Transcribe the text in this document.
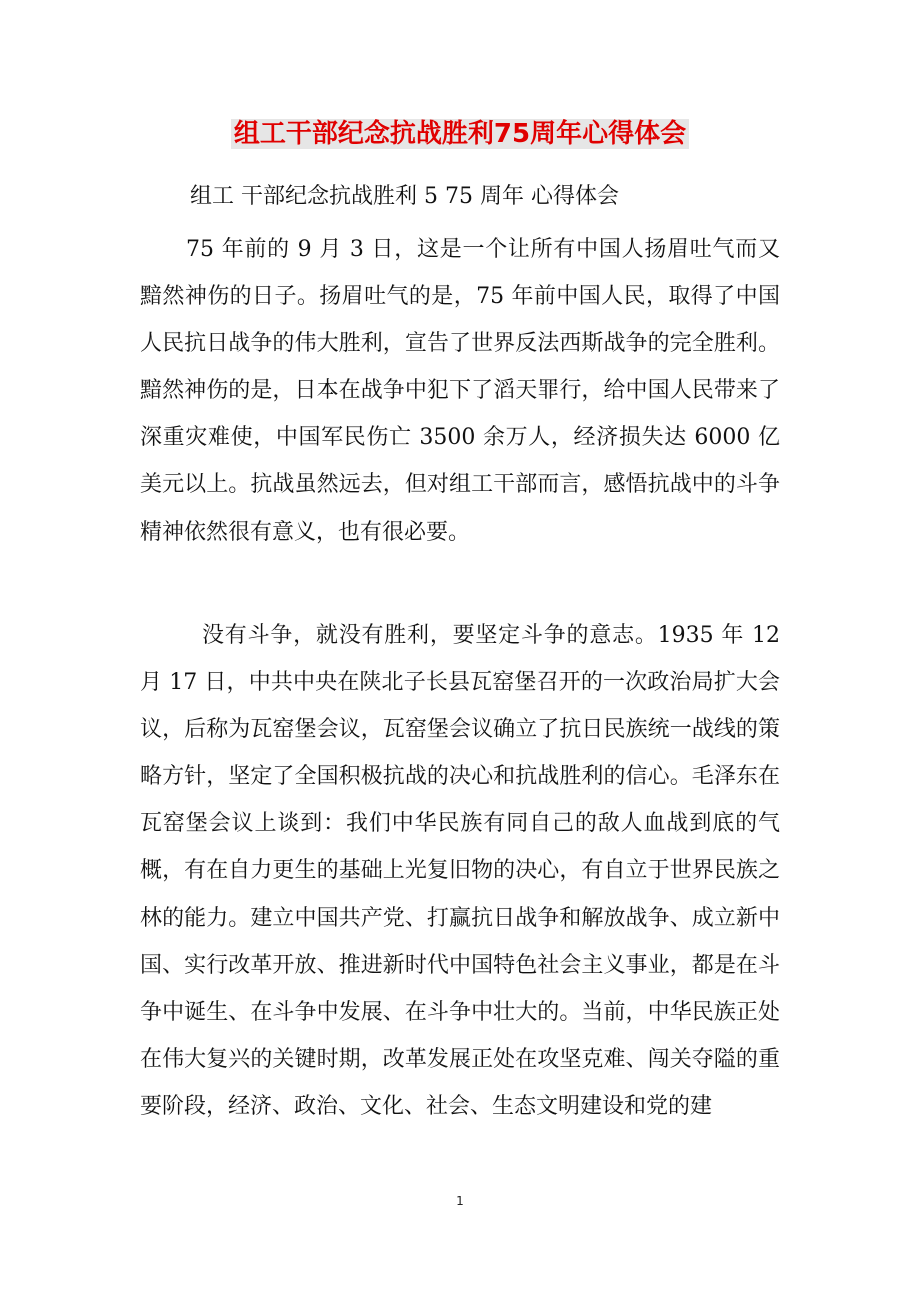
组工干部纪念抗战胜利75周年心得体会

组工 干部纪念抗战胜利 5 75 周年 心得体会

75 年前的 9 月 3 日，这是一个让所有中国人扬眉吐气而又黯然神伤的日子。扬眉吐气的是，75 年前中国人民，取得了中国人民抗日战争的伟大胜利，宣告了世界反法西斯战争的完全胜利。黯然神伤的是，日本在战争中犯下了滔天罪行，给中国人民带来了深重灾难使，中国军民伤亡 3500 余万人，经济损失达 6000 亿美元以上。抗战虽然远去，但对组工干部而言，感悟抗战中的斗争精神依然很有意义，也有很必要。

没有斗争，就没有胜利，要坚定斗争的意志。1935 年 12 月 17 日，中共中央在陕北子长县瓦窑堡召开的一次政治局扩大会议，后称为瓦窑堡会议，瓦窑堡会议确立了抗日民族统一战线的策略方针，坚定了全国积极抗战的决心和抗战胜利的信心。毛泽东在瓦窑堡会议上谈到：我们中华民族有同自己的敌人血战到底的气概，有在自力更生的基础上光复旧物的决心，有自立于世界民族之林的能力。建立中国共产党、打赢抗日战争和解放战争、成立新中国、实行改革开放、推进新时代中国特色社会主义事业，都是在斗争中诞生、在斗争中发展、在斗争中壮大的。当前，中华民族正处在伟大复兴的关键时期，改革发展正处在攻坚克难、闯关夺隘的重要阶段，经济、政治、文化、社会、生态文明建设和党的建

1
